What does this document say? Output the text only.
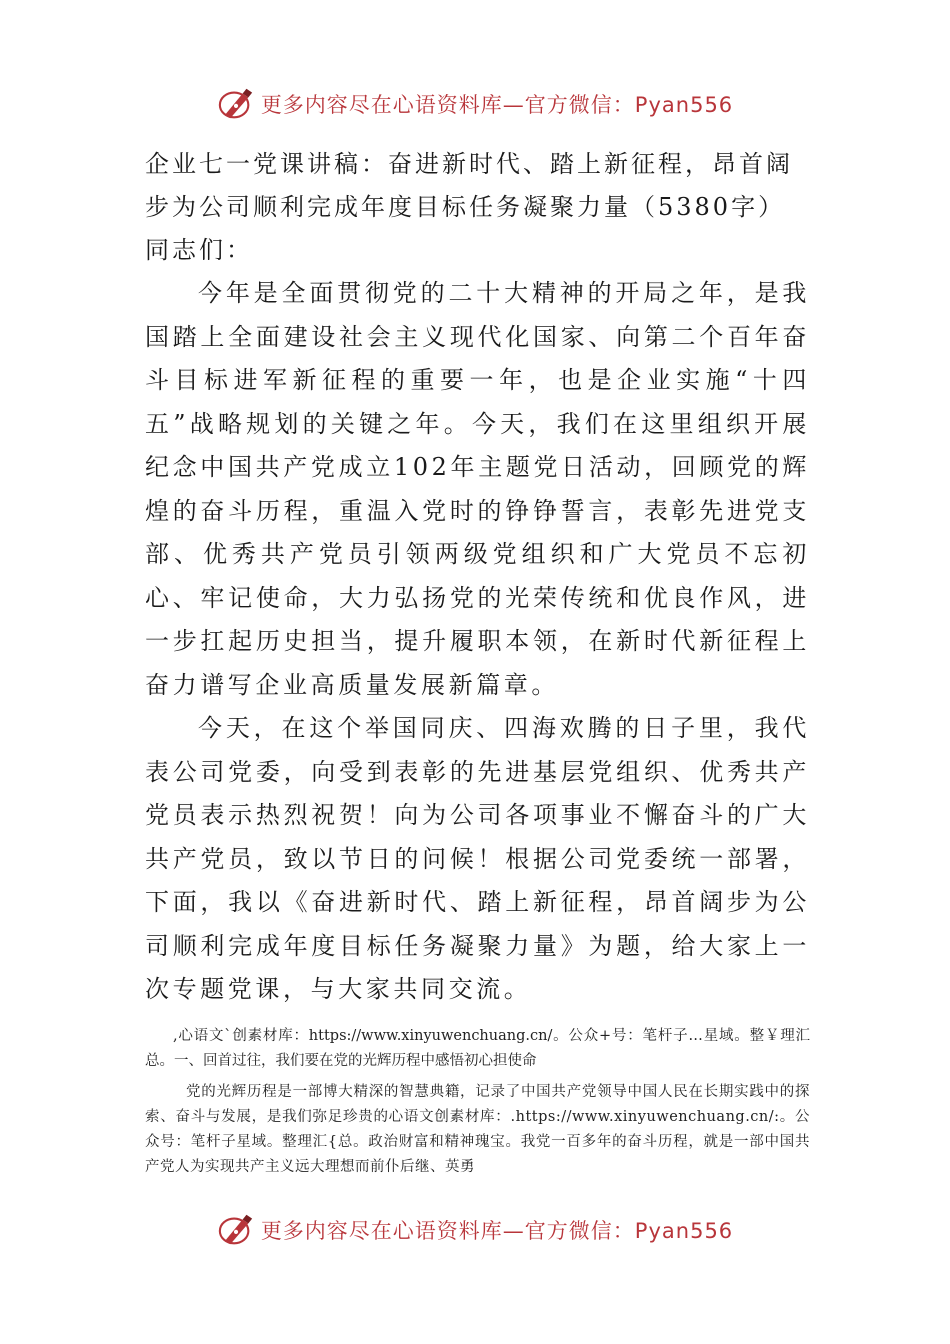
更多内容尽在心语资料库—官方微信：Pyan556

企业七一党课讲稿：奋进新时代、踏上新征程，昂首阔步为公司顺利完成年度目标任务凝聚力量（5380字）

同志们：

今年是全面贯彻党的二十大精神的开局之年，是我国踏上全面建设社会主义现代化国家、向第二个百年奋斗目标进军新征程的重要一年，也是企业实施“十四五”战略规划的关键之年。今天，我们在这里组织开展纪念中国共产党成立102年主题党日活动，回顾党的辉煌的奋斗历程，重温入党时的铮铮誓言，表彰先进党支部、优秀共产党员引领两级党组织和广大党员不忘初心、牢记使命，大力弘扬党的光荣传统和优良作风，进一步扛起历史担当，提升履职本领，在新时代新征程上奋力谱写企业高质量发展新篇章。

今天，在这个举国同庆、四海欢腾的日子里，我代表公司党委，向受到表彰的先进基层党组织、优秀共产党员表示热烈祝贺！向为公司各项事业不懈奋斗的广大共产党员，致以节日的问候！根据公司党委统一部署，下面，我以《奋进新时代、踏上新征程，昂首阔步为公司顺利完成年度目标任务凝聚力量》为题，给大家上一次专题党课，与大家共同交流。

,心语文`创素材库：https://www.xinyuwenchuang.cn/。公众+号：笔杆子…星域。整￥理汇总。一、回首过往，我们要在党的光辉历程中感悟初心担使命

党的光辉历程是一部博大精深的智慧典籍，记录了中国共产党领导中国人民在长期实践中的探索、奋斗与发展，是我们弥足珍贵的心语文创素材库：.https://www.xinyuwenchuang.cn/:。公众号：笔杆子星域。整理汇{总。政治财富和精神瑰宝。我党一百多年的奋斗历程，就是一部中国共产党人为实现共产主义远大理想而前仆后继、英勇

更多内容尽在心语资料库—官方微信：Pyan556
